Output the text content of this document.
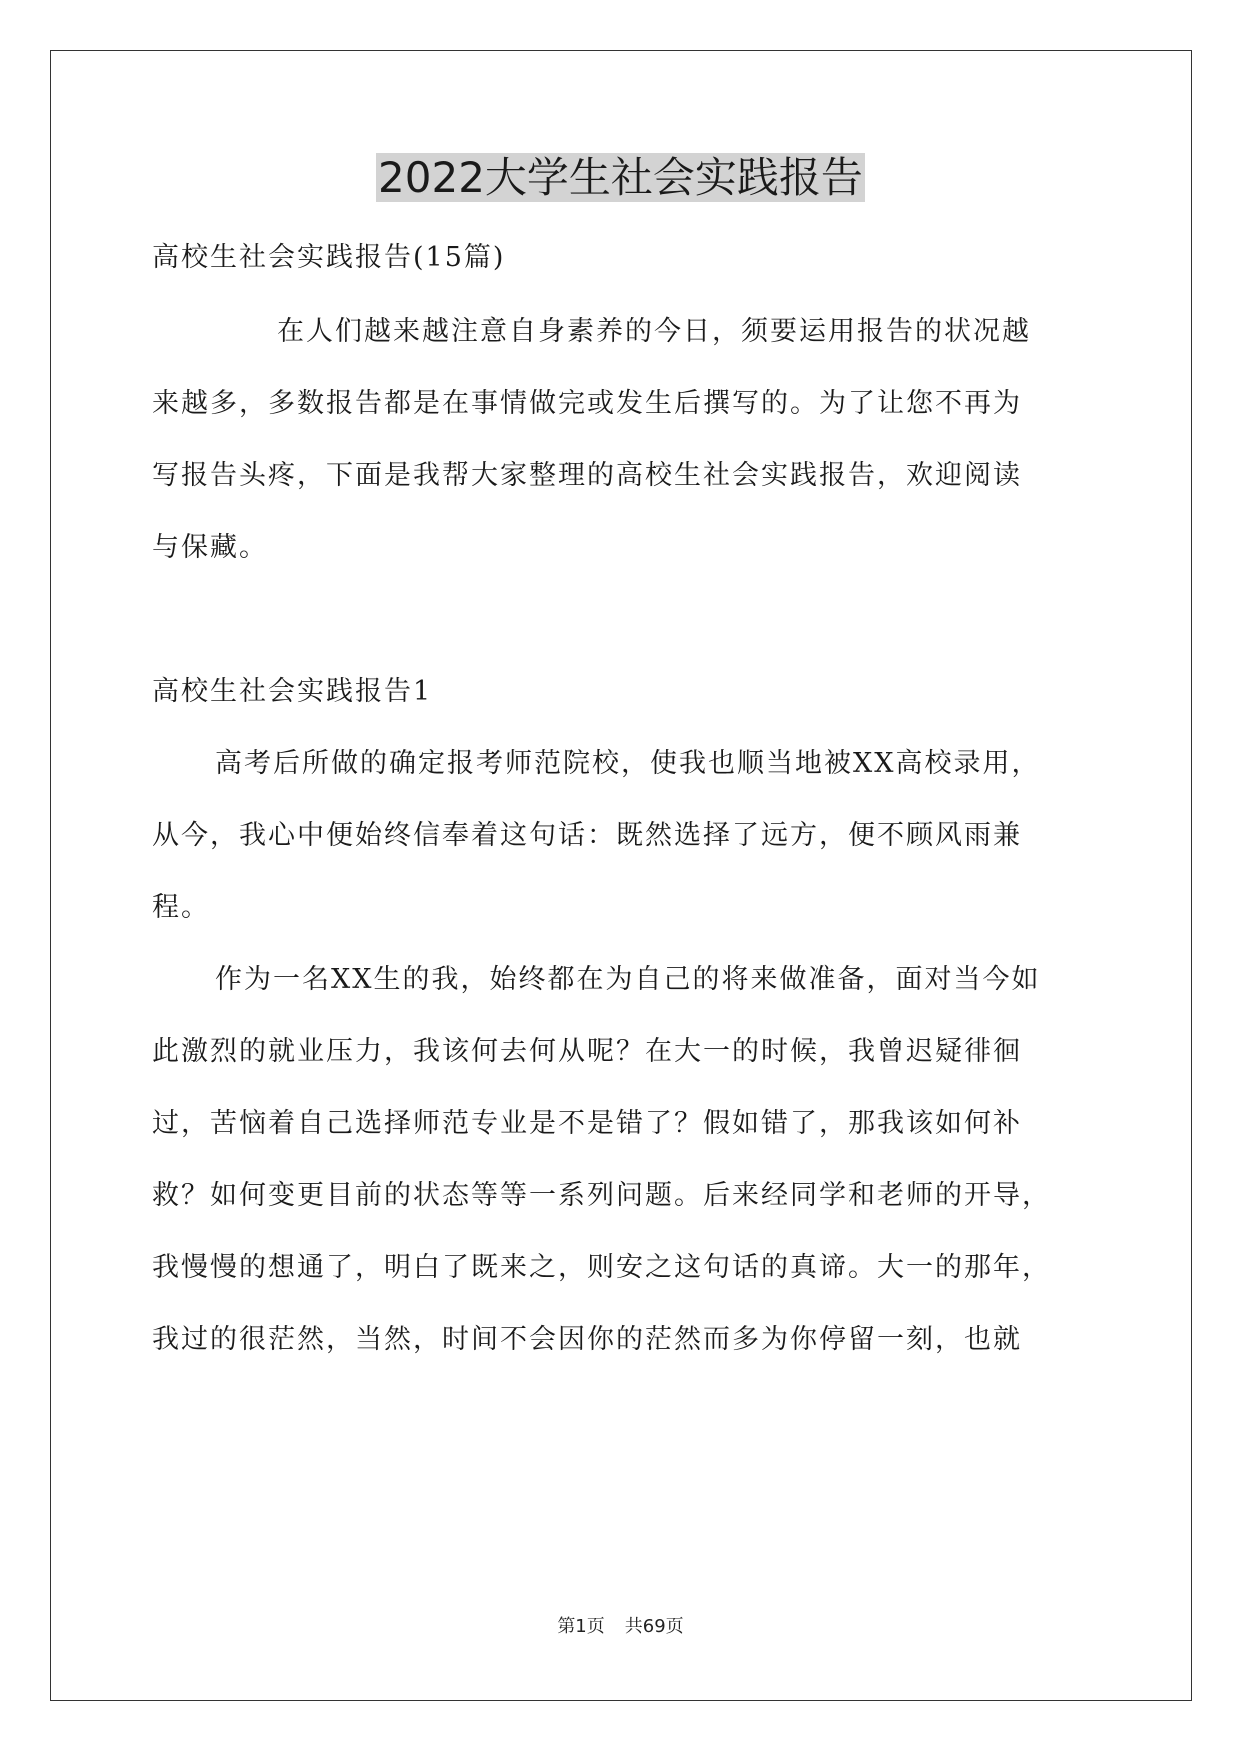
2022大学生社会实践报告

高校生社会实践报告(15篇)

在人们越来越注意自身素养的今日，须要运用报告的状况越

来越多，多数报告都是在事情做完或发生后撰写的。为了让您不再为

写报告头疼，下面是我帮大家整理的高校生社会实践报告，欢迎阅读

与保藏。

高校生社会实践报告1

高考后所做的确定报考师范院校，使我也顺当地被XX高校录用，

从今，我心中便始终信奉着这句话：既然选择了远方，便不顾风雨兼

程。

作为一名XX生的我，始终都在为自己的将来做准备，面对当今如

此激烈的就业压力，我该何去何从呢？在大一的时候，我曾迟疑徘徊

过，苦恼着自己选择师范专业是不是错了？假如错了，那我该如何补

救？如何变更目前的状态等等一系列问题。后来经同学和老师的开导，

我慢慢的想通了，明白了既来之，则安之这句话的真谛。大一的那年，

我过的很茫然，当然，时间不会因你的茫然而多为你停留一刻，也就

第1页 共69页
